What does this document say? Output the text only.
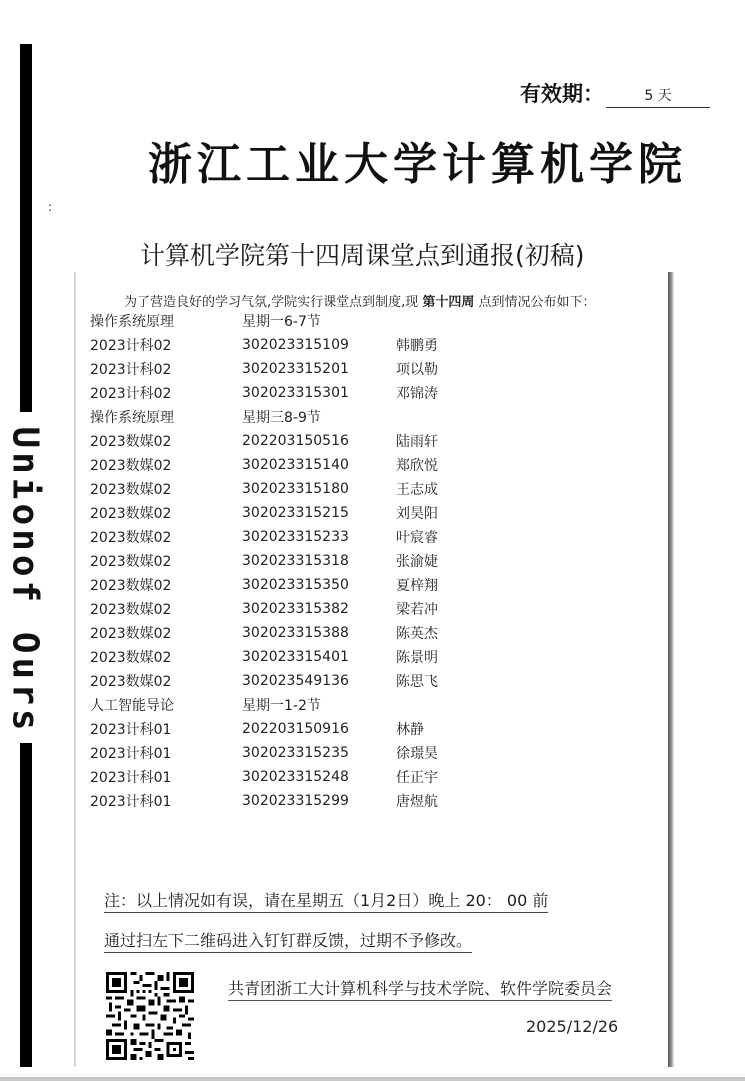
Unionof Ours
:
有效期：	5 天
浙江工业大学计算机学院
计算机学院第十四周课堂点到通报(初稿)
为了营造良好的学习气氛,学院实行课堂点到制度,现 第十四周 点到情况公布如下：
操作系统原理	星期一6-7节
2023计科02	302023315109	韩鹏勇
2023计科02	302023315201	项以勒
2023计科02	302023315301	邓锦涛
操作系统原理	星期三8-9节
2023数媒02	202203150516	陆雨轩
2023数媒02	302023315140	郑欣悦
2023数媒02	302023315180	王志成
2023数媒02	302023315215	刘昊阳
2023数媒02	302023315233	叶宸睿
2023数媒02	302023315318	张渝婕
2023数媒02	302023315350	夏梓翔
2023数媒02	302023315382	梁若冲
2023数媒02	302023315388	陈英杰
2023数媒02	302023315401	陈景明
2023数媒02	302023549136	陈思飞
人工智能导论	星期一1-2节
2023计科01	202203150916	林静
2023计科01	302023315235	徐璟昊
2023计科01	302023315248	任正宇
2023计科01	302023315299	唐煜航
注：以上情况如有误，请在星期五（1月2日）晚上 20： 00 前
通过扫左下二维码进入钉钉群反馈，过期不予修改。
共青团浙工大计算机科学与技术学院、软件学院委员会
2025/12/26
